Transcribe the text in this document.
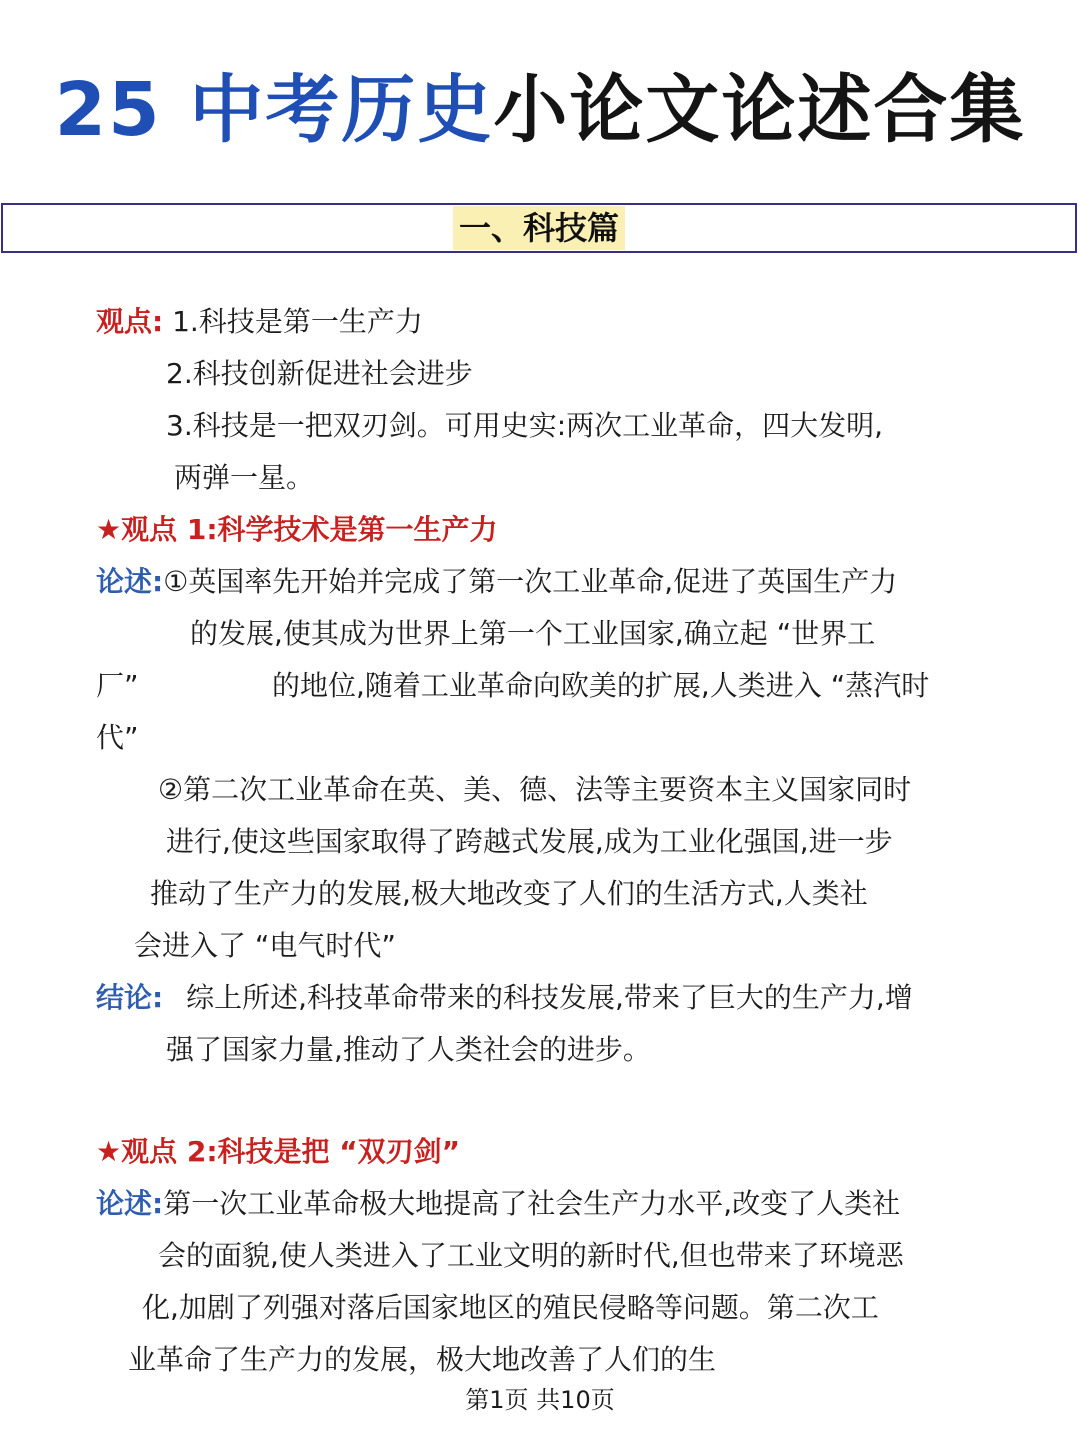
25 中考历史小论文论述合集
一、科技篇
观点: 1.科技是第一生产力
2.科技创新促进社会进步
3.科技是一把双刃剑。可用史实:两次工业革命，四大发明,
两弹一星。
★观点 1:科学技术是第一生产力
论述:①英国率先开始并完成了第一次工业革命,促进了英国生产力
的发展,使其成为世界上第一个工业国家,确立起 “世界工
厂”	的地位,随着工业革命向欧美的扩展,人类进入 “蒸汽时
代”
②第二次工业革命在英、美、德、法等主要资本主义国家同时
进行,使这些国家取得了跨越式发展,成为工业化强国,进一步
推动了生产力的发展,极大地改变了人们的生活方式,人类社
会进入了 “电气时代”
结论: 综上所述,科技革命带来的科技发展,带来了巨大的生产力,增
强了国家力量,推动了人类社会的进步。
★观点 2:科技是把 “双刃剑”
论述:第一次工业革命极大地提高了社会生产力水平,改变了人类社
会的面貌,使人类进入了工业文明的新时代,但也带来了环境恶
化,加剧了列强对落后国家地区的殖民侵略等问题。第二次工
业革命了生产力的发展，极大地改善了人们的生
第1页 共10页
